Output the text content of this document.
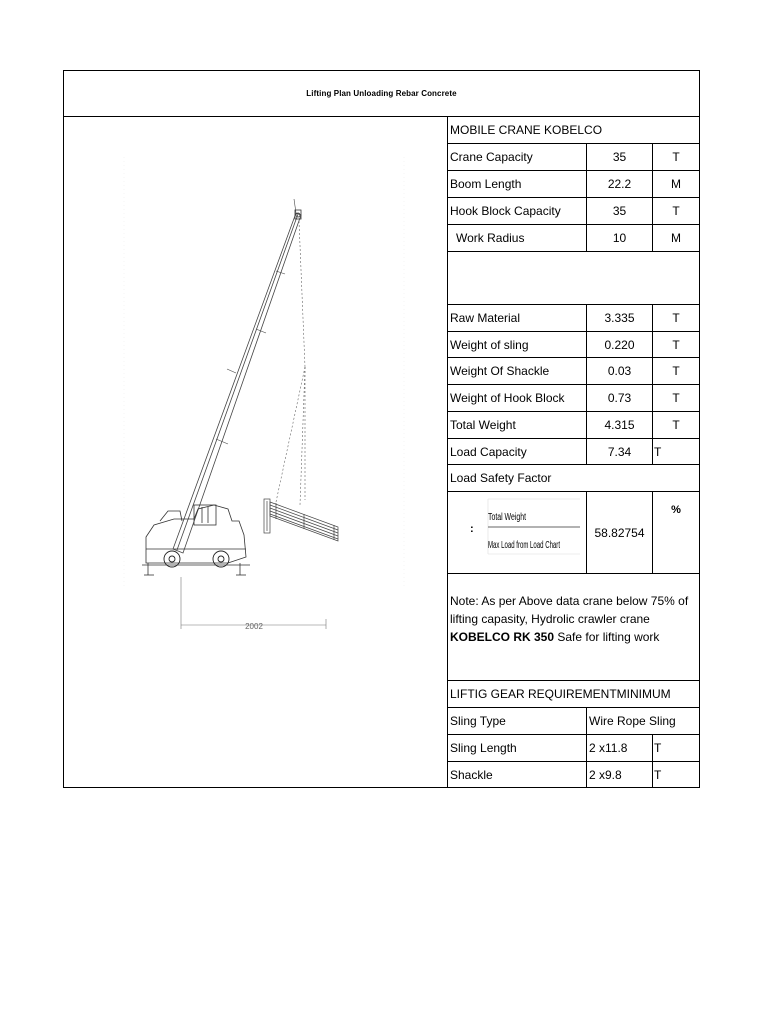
Lifting Plan Unloading Rebar Concrete
2002
MOBILE CRANE KOBELCO
Crane Capacity	35	T
Boom Length	22.2	M
Hook Block Capacity	35	T
Work Radius	10	M
Raw Material	3.335	T
Weight of sling	0.220	T
Weight Of Shackle	0.03	T
Weight of Hook Block	0.73	T
Total Weight	4.315	T
Load Capacity	7.34	T
Load Safety Factor
:
Total Weight
Max Load from Load Chart
58.82754
%
Note: As per Above data crane below 75% of lifting capasity, Hydrolic crawler crane KOBELCO RK 350 Safe for lifting work
LIFTIG GEAR REQUIREMENTMINIMUM
Sling Type	Wire Rope Sling
Sling Length	2 x11.8	T
Shackle	2 x9.8	T
